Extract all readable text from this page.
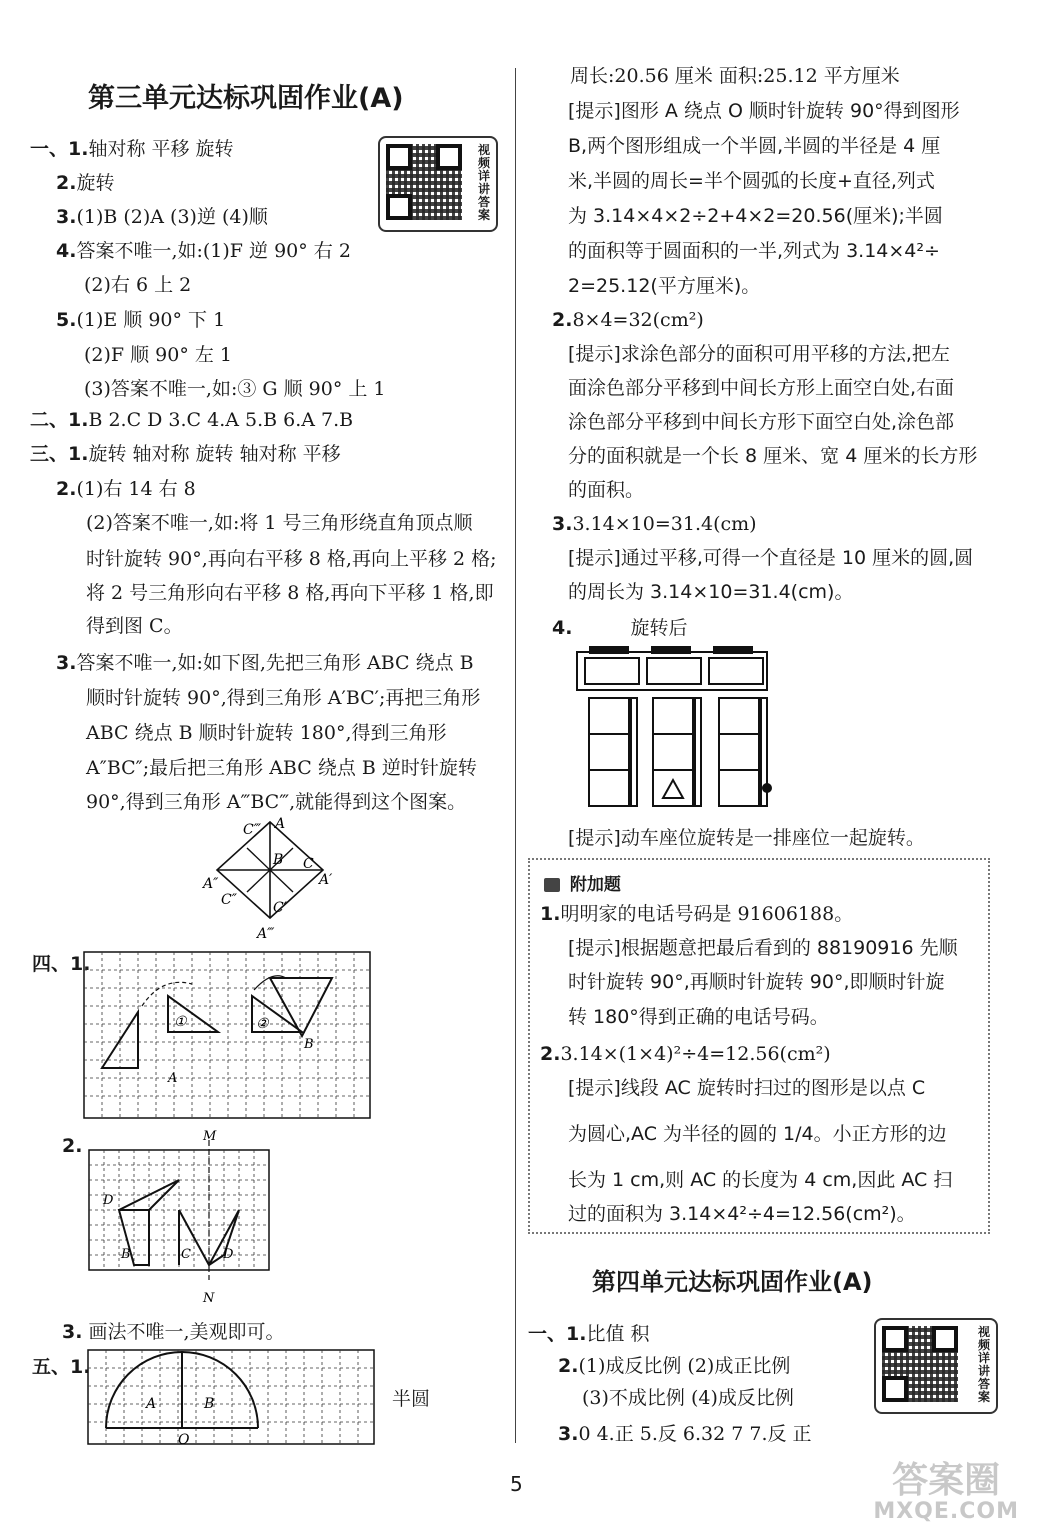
第三单元达标巩固作业(A)
视频详讲答案
一、1.轴对称 平移 旋转
2.旋转
3.(1)B (2)A (3)逆 (4)顺
4.答案不唯一,如:(1)F 逆 90° 右 2
(2)右 6 上 2
5.(1)E 顺 90° 下 1
(2)F 顺 90° 左 1
(3)答案不唯一,如:③ G 顺 90° 上 1
二、1.B 2.C D 3.C 4.A 5.B 6.A 7.B
三、1.旋转 轴对称 旋转 轴对称 平移
2.(1)右 14 右 8
(2)答案不唯一,如:将 1 号三角形绕直角顶点顺
时针旋转 90°,再向右平移 8 格,再向上平移 2 格;
将 2 号三角形向右平移 8 格,再向下平移 1 格,即
得到图 C。
3.答案不唯一,如:如下图,先把三角形 ABC 绕点 B
顺时针旋转 90°,得到三角形 A′BC′;再把三角形
ABC 绕点 B 顺时针旋转 180°,得到三角形
A″BC″;最后把三角形 ABC 绕点 B 逆时针旋转
90°,得到三角形 A‴BC‴,就能得到这个图案。
A
C‴
B C
A′
A″
C″	C′
A‴
四、1.
①	②
A
B
2.	M
N
D
B	C D
3. 画法不唯一,美观即可。
五、1.
A	B
O
半圆
周长:20.56 厘米 面积:25.12 平方厘米
[提示]图形 A 绕点 O 顺时针旋转 90°得到图形
B,两个图形组成一个半圆,半圆的半径是 4 厘
米,半圆的周长=半个圆弧的长度+直径,列式
为 3.14×4×2÷2+4×2=20.56(厘米);半圆
的面积等于圆面积的一半,列式为 3.14×4²÷
2=25.12(平方厘米)。
2.8×4=32(cm²)
[提示]求涂色部分的面积可用平移的方法,把左
面涂色部分平移到中间长方形上面空白处,右面
涂色部分平移到中间长方形下面空白处,涂色部
分的面积就是一个长 8 厘米、宽 4 厘米的长方形
的面积。
3.3.14×10=31.4(cm)
[提示]通过平移,可得一个直径是 10 厘米的圆,圆
的周长为 3.14×10=31.4(cm)。
4.	旋转后
[提示]动车座位旋转是一排座位一起旋转。
附加题
1.明明家的电话号码是 91606188。
[提示]根据题意把最后看到的 88190916 先顺
时针旋转 90°,再顺时针旋转 90°,即顺时针旋
转 180°得到正确的电话号码。
2.3.14×(1×4)²÷4=12.56(cm²)
[提示]线段 AC 旋转时扫过的图形是以点 C
为圆心,AC 为半径的圆的 1/4。小正方形的边
长为 1 cm,则 AC 的长度为 4 cm,因此 AC 扫
过的面积为 3.14×4²÷4=12.56(cm²)。
第四单元达标巩固作业(A)
视频详讲答案
一、1.比值 积
2.(1)成反比例 (2)成正比例
(3)不成比例 (4)成反比例
3.0 4.正 5.反 6.32 7 7.反 正
5	答案圈
MXQE.COM
